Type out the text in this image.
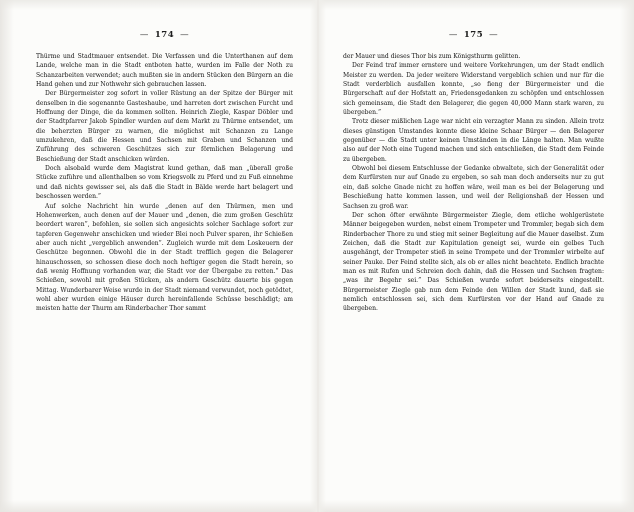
— 174 —

Thürme und Stadtmauer entsendet. Die Verfassen und die Unterthanen auf dem Lande, welche man in die Stadt entboten hatte, wurden im Falle der Noth zu Schanzarbeiten verwendet; auch mußten sie in andern Stücken den Bürgern an die Hand gehen und zur Nothwehr sich gebrauchen lassen.

Der Bürgermeister zog sofort in voller Rüstung an der Spitze der Bürger mit denselben in die sogenannte Gasteshaube, und harreten dort zwischen Furcht und Hoffnung der Dinge, die da kommen sollten. Heinrich Ziegle, Kaspar Döbler und der Stadtpfarrer Jakob Spindler wurden auf dem Markt zu Thürme entsendet, um die beherzten Bürger zu warnen, die möglichst mit Schanzen zu Lange umzukehren, daß die Hessen und Sachsen mit Graben und Schanzen und Zuführung des schweren Geschützes sich zur förmlichen Belagerung und Beschießung der Stadt anschicken würden.

Doch alsobald wurde dem Magistrat kund gethan, daß man „überall große Stücke zuführe und allenthalben so vom Kriegsvolk zu Pferd und zu Fuß einnehme und daß nichts gewisser sei, als daß die Stadt in Bälde werde hart belagert und beschossen werden.”

Auf solche Nachricht hin wurde „denen auf den Thürmen, men und Hohenwerken, auch denen auf der Mauer und „denen, die zum großen Geschütz beordert waren”, befohlen, sie sollen sich angesichts solcher Sachlage sofort zur tapferen Gegenwehr anschicken und wieder Blei noch Pulver sparen, ihr Schießen aber auch nicht „vergeblich anwenden”. Zugleich wurde mit dem Loskeuern der Geschütze begonnen. Obwohl die in der Stadt trefflich gegen die Belagerer hinauschossen, so schossen diese doch noch heftiger gegen die Stadt herein, so daß wenig Hoffnung vorhanden war, die Stadt vor der Übergabe zu retten.” Das Schießen, sowohl mit großen Stücken, als andern Geschütz dauerte bis gegen Mittag. Wunderbarer Weise wurde in der Stadt niemand verwundet, noch getödtet, wohl aber wurden einige Häuser durch hereinfallende Schüsse beschädigt; am meisten hatte der Thurm am Rinderbacher Thor sammt

— 175 —

der Mauer und dieses Thor bis zum Königsthurm gelitten.

Der Feind traf immer ernstere und weitere Vorkehrungen, um der Stadt endlich Meister zu werden. Da jeder weitere Widerstand vergeblich schien und nur für die Stadt verderblich ausfallen konnte, „so fieng der Bürgermeister und die Bürgerschaft auf der Hofstatt an, Friedensgedanken zu schöpfen und entschlossen sich gemeinsam, die Stadt den Belagerer, die gegen 40,000 Mann stark waren, zu übergeben.”

Trotz dieser mißlichen Lage war nicht ein verzagter Mann zu sinden. Allein trotz dieses günstigen Umstandes konnte diese kleine Schaar Bürger — den Belagerer gegenüber — die Stadt unter keinen Umständen in die Länge halten. Man wußte also auf der Noth eine Tugend machen und sich entschließen, die Stadt dem Feinde zu übergeben.

Obwohl bei diesem Entschlusse der Gedanke obwaltete, sich der Generalität oder dem Kurfürsten nur auf Gnade zu ergeben, so sah man doch anderseits nur zu gut ein, daß solche Gnade nicht zu hoffen wäre, weil man es bei der Belagerung und Beschießung hatte kommen lassen, und weil der Religionshaß der Hessen und Sachsen zu groß war.

Der schon öfter erwähnte Bürgermeister Ziegle, dem etliche wohlgerüstete Männer beigegeben wurden, nebst einem Trompeter und Trommler, begab sich dem Rinderbacher Thore zu und stieg mit seiner Begleitung auf die Mauer daselbst. Zum Zeichen, daß die Stadt zur Kapitulation geneigt sei, wurde ein gelbes Tuch ausgehängt, der Trompeter stieß in seine Trompete und der Trommler wirbelte auf seiner Pauke. Der Feind stellte sich, als ob er alles nicht beachtete. Endlich brachte man es mit Rufen und Schreien doch dahin, daß die Hessen und Sachsen fragten: „was ihr Begehr sei.” Das Schießen wurde sofort beiderseits eingestellt. Bürgermeister Ziegle gab nun dem Feinde den Willen der Stadt kund, daß sie nemlich entschlossen sei, sich dem Kurfürsten vor der Hand auf Gnade zu übergeben.
